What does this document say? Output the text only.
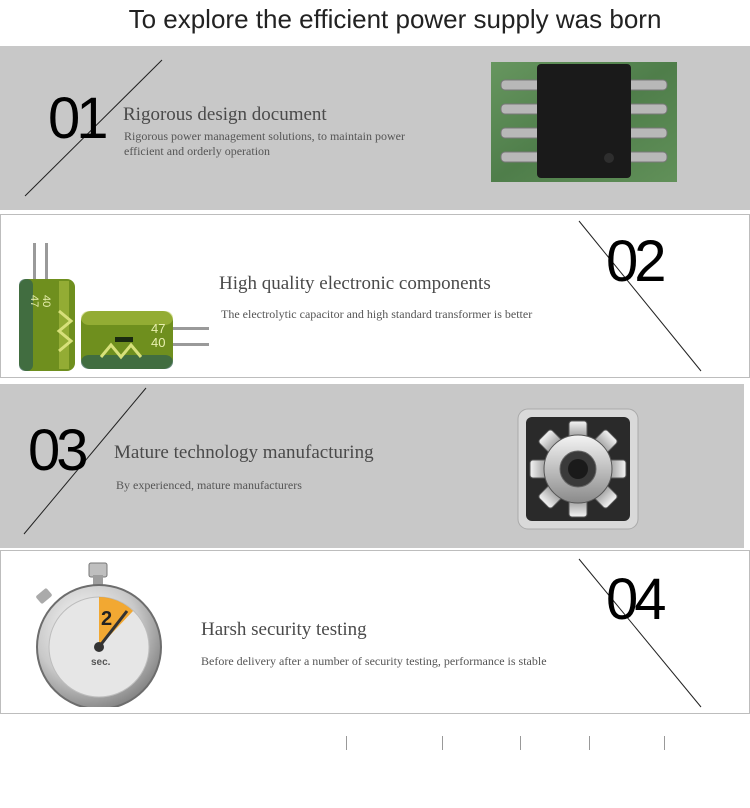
To explore the efficient power supply was born
01 Rigorous design document
Rigorous power management solutions, to maintain power efficient and orderly operation
02
High quality electronic components
The electrolytic capacitor and high standard transformer is better
47 40
47
40
03 Mature technology manufacturing
By experienced, mature manufacturers
04
Harsh security testing
Before delivery after a number of security testing, performance is stable
2
sec.
